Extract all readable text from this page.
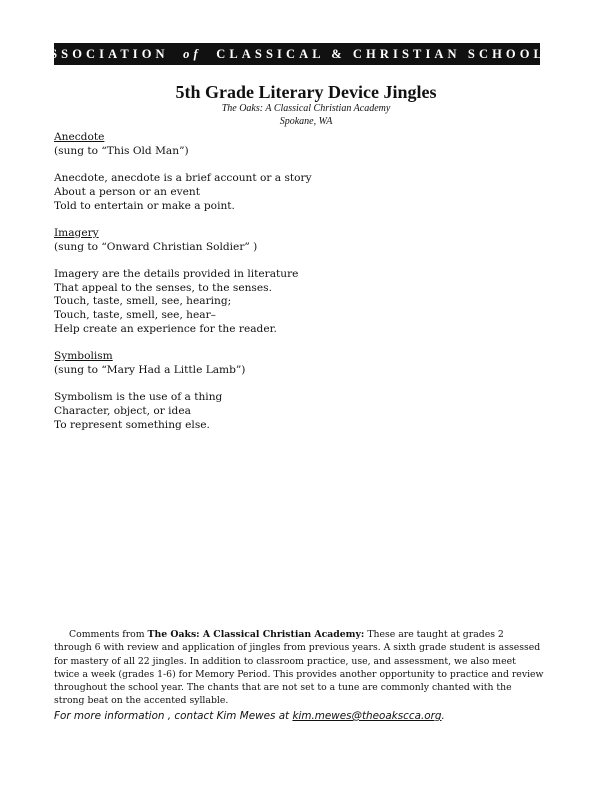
ASSOCIATION
of
CLASSICAL & CHRISTIAN SCHOOLS
5th Grade Literary Device Jingles
The Oaks: A Classical Christian Academy
Spokane, WA
Anecdote
(sung to “This Old Man”)
Anecdote, anecdote is a brief account or a story
About a person or an event
Told to entertain or make a point.
Imagery
(sung to “Onward Christian Soldier” )
Imagery are the details provided in literature
That appeal to the senses, to the senses.
Touch, taste, smell, see, hearing;
Touch, taste, smell, see, hear–
Help create an experience for the reader.
Symbolism
(sung to “Mary Had a Little Lamb”)
Symbolism is the use of a thing
Character, object, or idea
To represent something else.
Comments from The Oaks: A Classical Christian Academy: These are taught at grades 2 through 6 with review and application of jingles from previous years. A sixth grade student is assessed for mastery of all 22 jingles. In addition to classroom practice, use, and assessment, we also meet twice a week (grades 1-6) for Memory Period. This provides another opportunity to practice and review throughout the school year. The chants that are not set to a tune are commonly chanted with the strong beat on the accented syllable.
For more information , contact Kim Mewes at kim.mewes@theoakscca.org.
